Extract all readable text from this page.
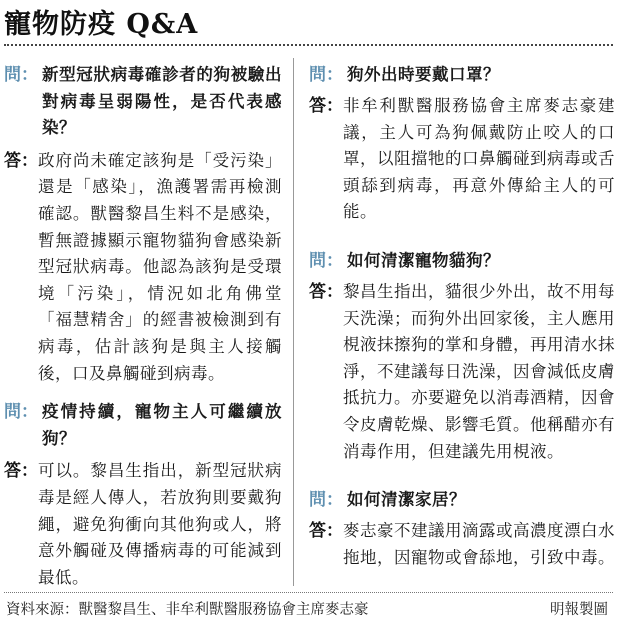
寵物防疫 Q&A
問： 新型冠狀病毒確診者的狗被驗出對病毒呈弱陽性，是否代表感染？
答： 政府尚未確定該狗是「受污染」還是「感染」，漁護署需再檢測確認。獸醫黎昌生料不是感染，暫無證據顯示寵物貓狗會感染新型冠狀病毒。他認為該狗是受環境「污染」，情況如北角佛堂「福慧精舍」的經書被檢測到有病毒，估計該狗是與主人接觸後，口及鼻觸碰到病毒。
問： 疫情持續，寵物主人可繼續放狗？
答： 可以。黎昌生指出，新型冠狀病毒是經人傳人，若放狗則要戴狗繩，避免狗衝向其他狗或人，將意外觸碰及傳播病毒的可能減到最低。
問： 狗外出時要戴口罩？
答： 非牟利獸醫服務協會主席麥志豪建議，主人可為狗佩戴防止咬人的口罩，以阻擋牠的口鼻觸碰到病毒或舌頭舔到病毒，再意外傳給主人的可能。
問： 如何清潔寵物貓狗？
答： 黎昌生指出，貓很少外出，故不用每天洗澡；而狗外出回家後，主人應用梘液抹擦狗的掌和身體，再用清水抹淨，不建議每日洗澡，因會減低皮膚抵抗力。亦要避免以消毒酒精，因會令皮膚乾燥、影響毛質。他稱醋亦有消毒作用，但建議先用梘液。
問： 如何清潔家居？
答： 麥志豪不建議用滴露或高濃度漂白水拖地，因寵物或會舔地，引致中毒。
資料來源：獸醫黎昌生、非牟利獸醫服務協會主席麥志豪	明報製圖
